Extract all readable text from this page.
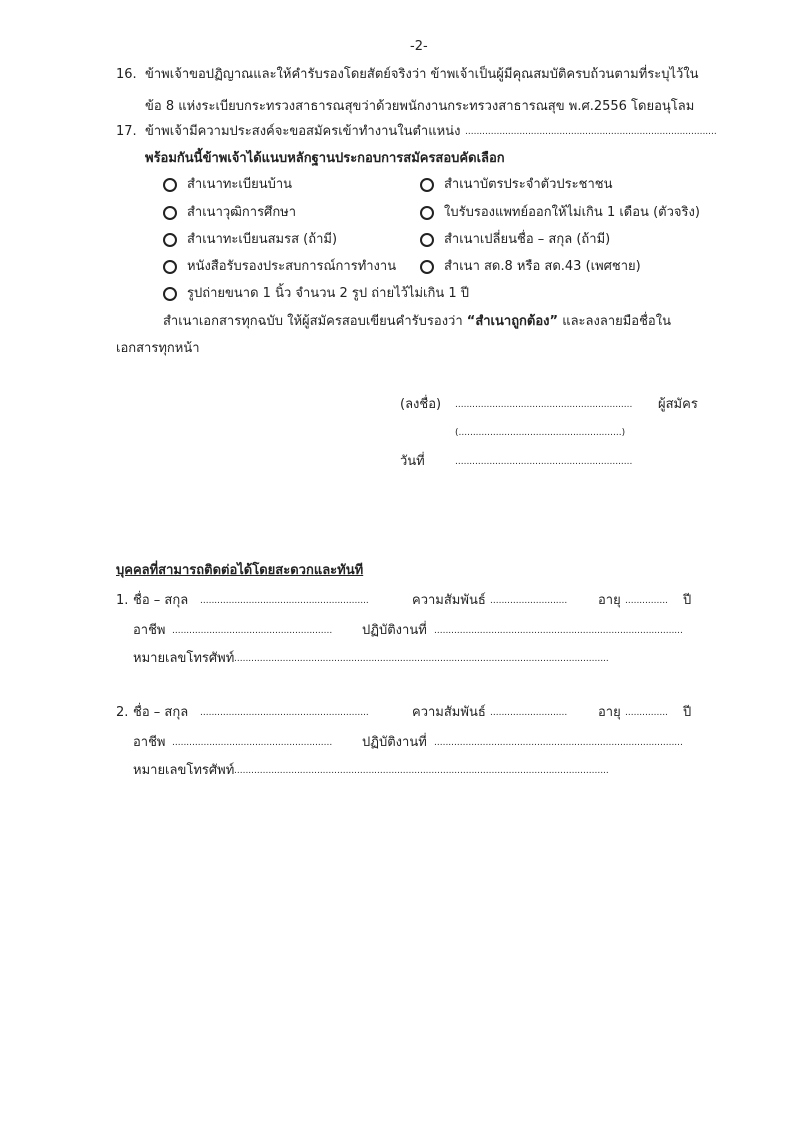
-2-
16. ข้าพเจ้าขอปฏิญาณและให้คำรับรองโดยสัตย์จริงว่า ข้าพเจ้าเป็นผู้มีคุณสมบัติครบถ้วนตามที่ระบุไว้ใน
ข้อ 8 แห่งระเบียบกระทรวงสาธารณสุขว่าด้วยพนักงานกระทรวงสาธารณสุข พ.ศ.2556 โดยอนุโลม
17. ข้าพเจ้ามีความประสงค์จะขอสมัครเข้าทำงานในตำแหน่ง ........................................................................................
พร้อมกันนี้ข้าพเจ้าได้แนบหลักฐานประกอบการสมัครสอบคัดเลือก
สำเนาทะเบียนบ้าน	สำเนาบัตรประจำตัวประชาชน
สำเนาวุฒิการศึกษา	ใบรับรองแพทย์ออกให้ไม่เกิน 1 เดือน (ตัวจริง)
สำเนาทะเบียนสมรส (ถ้ามี)	สำเนาเปลี่ยนชื่อ – สกุล (ถ้ามี)
หนังสือรับรองประสบการณ์การทำงาน	สำเนา สด.8 หรือ สด.43 (เพศชาย)
รูปถ่ายขนาด 1 นิ้ว จำนวน 2 รูป ถ่ายไว้ไม่เกิน 1 ปี
สำเนาเอกสารทุกฉบับ ให้ผู้สมัครสอบเขียนคำรับรองว่า “สำเนาถูกต้อง” และลงลายมือชื่อใน
เอกสารทุกหน้า
(ลงชื่อ) .............................................................. ผู้สมัคร
(.........................................................)
วันที่	..............................................................
บุคคลที่สามารถติดต่อได้โดยสะดวกและทันที
1. ชื่อ – สกุล ...........................................................	ความสัมพันธ์ ........................... อายุ ............... ปี
อาชีพ ........................................................ ปฏิบัติงานที่ .......................................................................................
หมายเลขโทรศัพท์ ...................................................................................................................................
2. ชื่อ – สกุล ...........................................................	ความสัมพันธ์ ........................... อายุ ............... ปี
อาชีพ ........................................................ ปฏิบัติงานที่ .......................................................................................
หมายเลขโทรศัพท์ ...................................................................................................................................
